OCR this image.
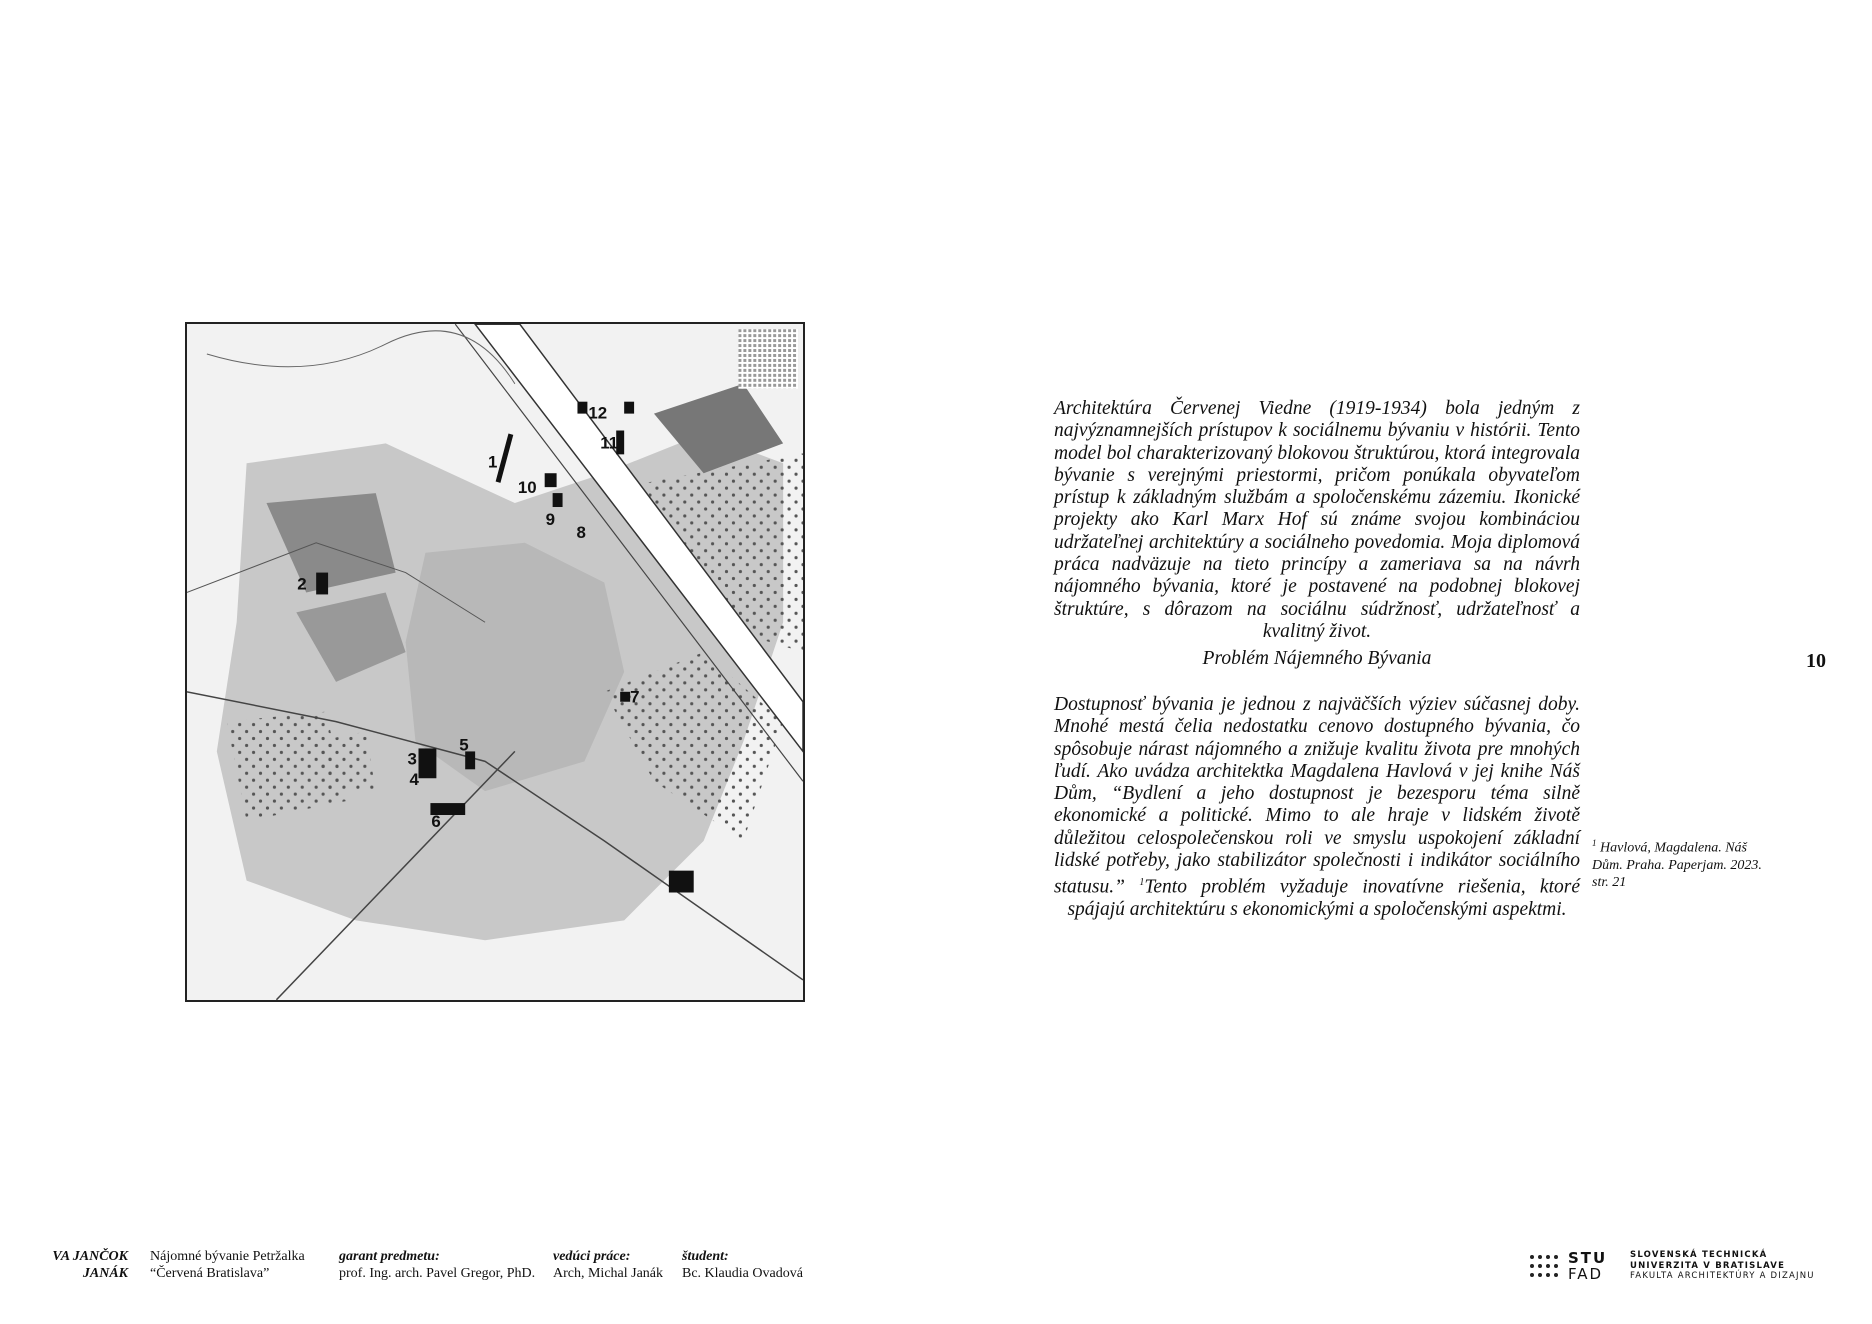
1
2
3
4
5
6
7
8
9
10
11
12	Architektúra Červenej Viedne (1919-1934) bola jedným z najvýznamnejších prístupov k sociálnemu bývaniu v histórii. Tento model bol charakterizovaný blokovou štruktúrou, ktorá integrovala bývanie s verejnými priestormi, pričom ponúkala obyvateľom prístup k základným službám a spoločenskému zázemiu. Ikonické projekty ako Karl Marx Hof sú známe svojou kombináciou udržateľnej architektúry a sociálneho povedomia. Moja diplomová práca nadväzuje na tieto princípy a zameriava sa na návrh nájomného bývania, ktoré je postavené na podobnej blokovej štruktúre, s dôrazom na sociálnu súdržnosť, udržateľnosť a kvalitný život.
Problém Nájemného Bývania	10
Dostupnosť bývania je jednou z najväčších výziev súčasnej doby. Mnohé mestá čelia nedostatku cenovo dostupného bývania, čo spôsobuje nárast nájomného a znižuje kvalitu života pre mnohých ľudí. Ako uvádza architektka Magdalena Havlová v jej knihe Náš Dům, “Bydlení a jeho dostupnost je bezesporu téma silně ekonomické a politické. Mimo to ale hraje v lidském životě důležitou celospolečenskou roli ve smyslu uspokojení základní lidské potřeby, jako stabilizátor společnosti i indikátor sociálního statusu.” $^1$Tento problém vyžaduje inovatívne riešenia, ktoré spájajú architektúru s ekonomickými a spoločenskými aspektmi.
$^1$ Havlová, Magdalena. Náš Dům. Praha. Paperjam. 2023. str. 21
VA JANČOK
JANÁK
Nájomné bývanie Petržalka
“Červená Bratislava”
garant predmetu:
prof. Ing. arch. Pavel Gregor, PhD.
vedúci práce:
Arch, Michal Janák
študent:
Bc. Klaudia Ovadová
STU
FAD
SLOVENSKÁ TECHNICKÁ
UNIVERZITA V BRATISLAVE
FAKULTA ARCHITEKTÚRY A DIZAJNU
